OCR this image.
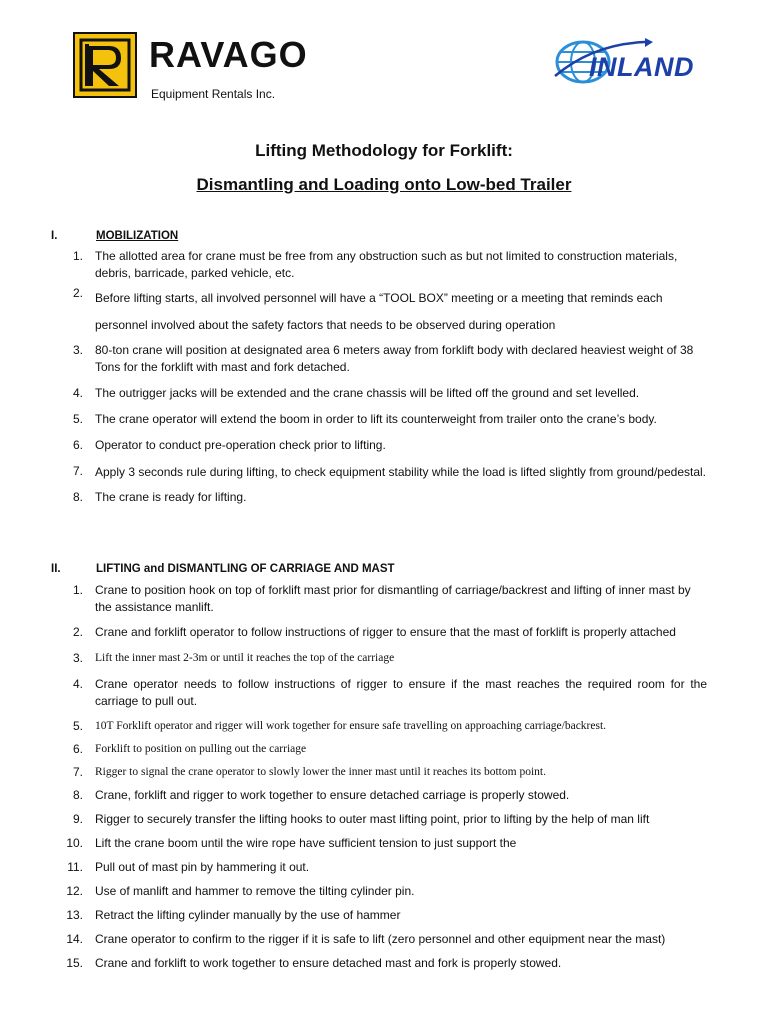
RAVAGO
Equipment Rentals Inc.
INLAND
Lifting Methodology for Forklift:
Dismantling and Loading onto Low-bed Trailer
I.	MOBILIZATION
1. The allotted area for crane must be free from any obstruction such as but not limited to construction materials, debris, barricade, parked vehicle, etc.
2. Before lifting starts, all involved personnel will have a “TOOL BOX” meeting or a meeting that reminds each personnel involved about the safety factors that needs to be observed during operation
3. 80-ton crane will position at designated area 6 meters away from forklift body with declared heaviest weight of 38 Tons for the forklift with mast and fork detached.
4. The outrigger jacks will be extended and the crane chassis will be lifted off the ground and set levelled.
5. The crane operator will extend the boom in order to lift its counterweight from trailer onto the crane’s body.
6. Operator to conduct pre-operation check prior to lifting.
7. Apply 3 seconds rule during lifting, to check equipment stability while the load is lifted slightly from ground/pedestal.
8. The crane is ready for lifting.
II.	LIFTING and DISMANTLING OF CARRIAGE AND MAST
1. Crane to position hook on top of forklift mast prior for dismantling of carriage/backrest and lifting of inner mast by the assistance manlift.
2. Crane and forklift operator to follow instructions of rigger to ensure that the mast of forklift is properly attached
3. Lift the inner mast 2-3m or until it reaches the top of the carriage
4. Crane operator needs to follow instructions of rigger to ensure if the mast reaches the required room for the carriage to pull out.
5. 10T Forklift operator and rigger will work together for ensure safe travelling on approaching carriage/backrest.
6. Forklift to position on pulling out the carriage
7. Rigger to signal the crane operator to slowly lower the inner mast until it reaches its bottom point.
8. Crane, forklift and rigger to work together to ensure detached carriage is properly stowed.
9. Rigger to securely transfer the lifting hooks to outer mast lifting point, prior to lifting by the help of man lift
10. Lift the crane boom until the wire rope have sufficient tension to just support the
11. Pull out of mast pin by hammering it out.
12. Use of manlift and hammer to remove the tilting cylinder pin.
13. Retract the lifting cylinder manually by the use of hammer
14. Crane operator to confirm to the rigger if it is safe to lift (zero personnel and other equipment near the mast)
15. Crane and forklift to work together to ensure detached mast and fork is properly stowed.
